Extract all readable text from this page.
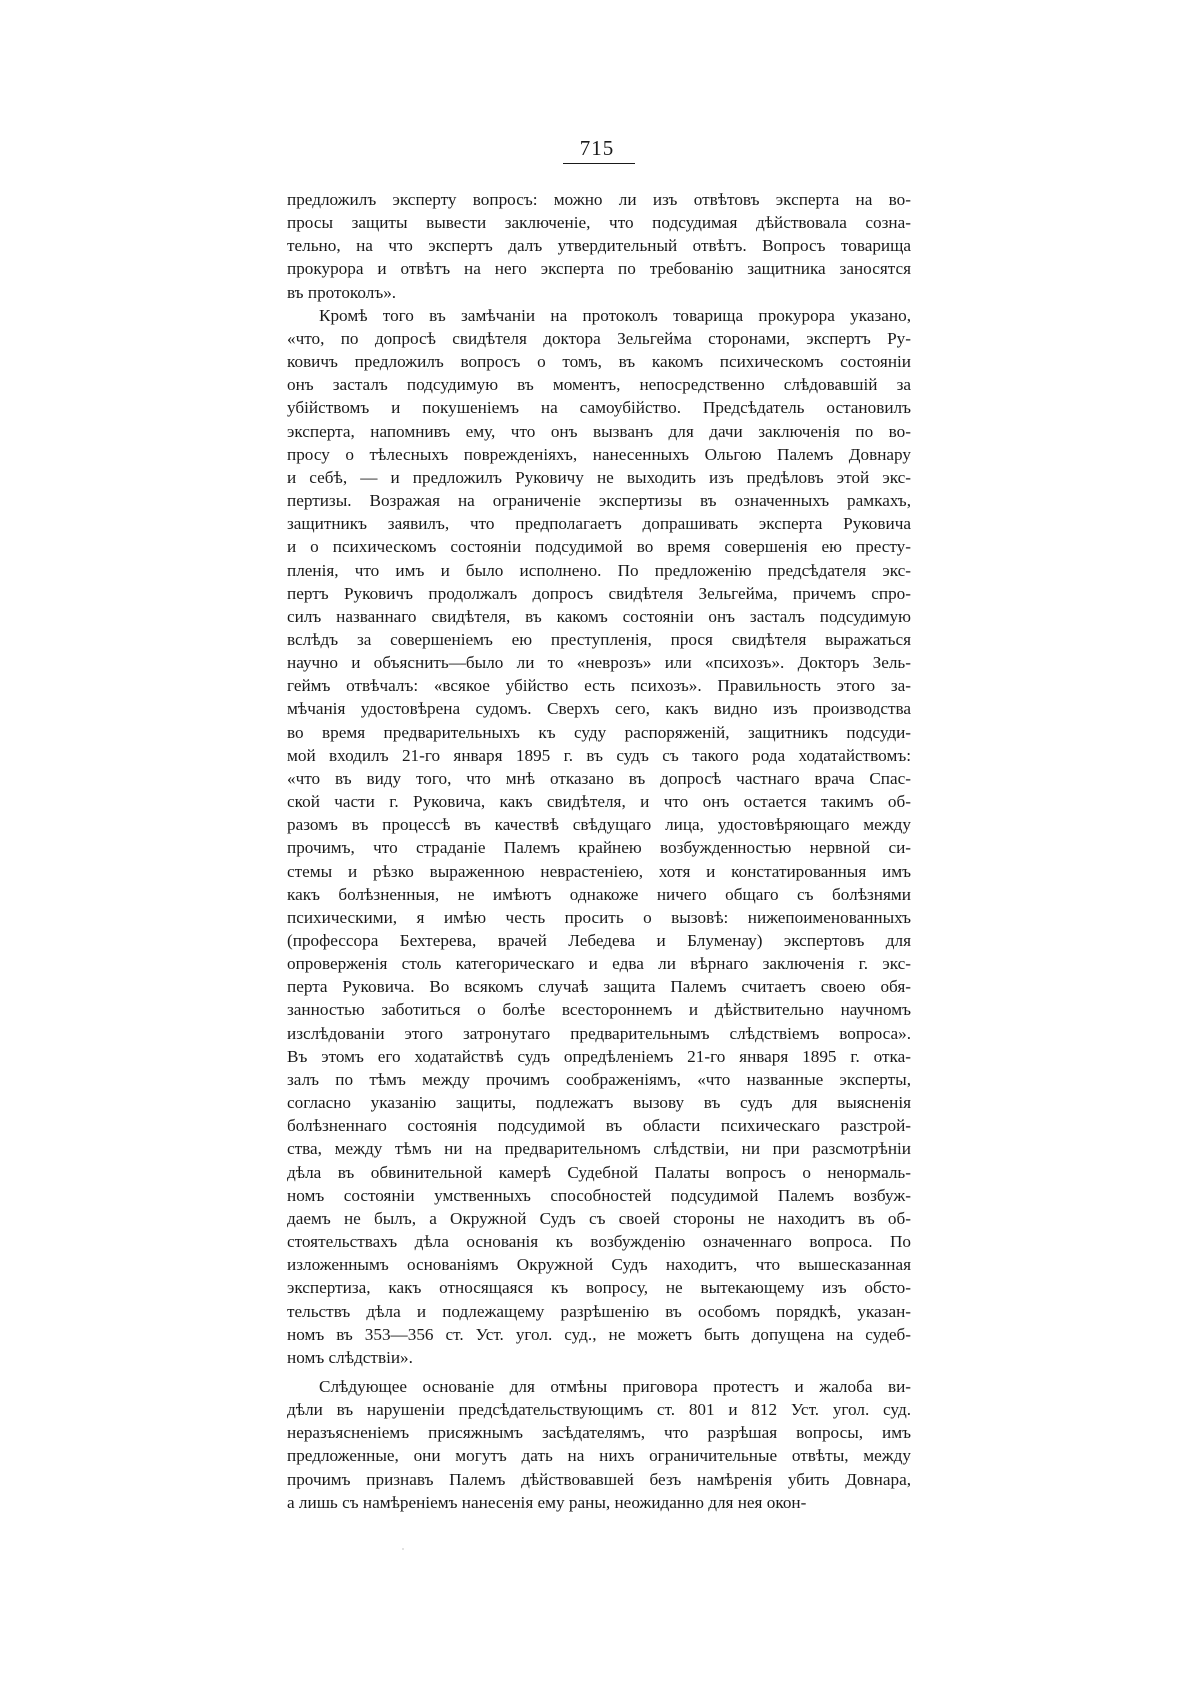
715
предложилъ эксперту вопросъ: можно ли изъ отвѣтовъ эксперта на во-
просы защиты вывести заключеніе, что подсудимая дѣйствовала созна-
тельно, на что экспертъ далъ утвердительный отвѣтъ. Вопросъ товарища
прокурора и отвѣтъ на него эксперта по требованію защитника заносятся
въ протоколъ».
Кромѣ того въ замѣчаніи на протоколъ товарища прокурора указано,
«что, по допросѣ свидѣтеля доктора Зельгейма сторонами, экспертъ Ру-
ковичъ предложилъ вопросъ о томъ, въ какомъ психическомъ состояніи
онъ засталъ подсудимую въ моментъ, непосредственно слѣдовавшій за
убійствомъ и покушеніемъ на самоубійство. Предсѣдатель остановилъ
эксперта, напомнивъ ему, что онъ вызванъ для дачи заключенія по во-
просу о тѣлесныхъ поврежденіяхъ, нанесенныхъ Ольгою Палемъ Довнару
и себѣ, — и предложилъ Руковичу не выходить изъ предѣловъ этой экс-
пертизы. Возражая на ограниченіе экспертизы въ означенныхъ рамкахъ,
защитникъ заявилъ, что предполагаетъ допрашивать эксперта Руковича
и о психическомъ состояніи подсудимой во время совершенія ею престу-
пленія, что имъ и было исполнено. По предложенію предсѣдателя экс-
пертъ Руковичъ продолжалъ допросъ свидѣтеля Зельгейма, причемъ спро-
силъ названнаго свидѣтеля, въ какомъ состояніи онъ засталъ подсудимую
вслѣдъ за совершеніемъ ею преступленія, прося свидѣтеля выражаться
научно и объяснить—было ли то «неврозъ» или «психозъ». Докторъ Зель-
геймъ отвѣчалъ: «всякое убійство есть психозъ». Правильность этого за-
мѣчанія удостовѣрена судомъ. Сверхъ сего, какъ видно изъ производства
во время предварительныхъ къ суду распоряженій, защитникъ подсуди-
мой входилъ 21-го января 1895 г. въ судъ съ такого рода ходатайствомъ:
«что въ виду того, что мнѣ отказано въ допросѣ частнаго врача Спас-
ской части г. Руковича, какъ свидѣтеля, и что онъ остается такимъ об-
разомъ въ процессѣ въ качествѣ свѣдущаго лица, удостовѣряющаго между
прочимъ, что страданіе Палемъ крайнею возбужденностью нервной си-
стемы и рѣзко выраженною неврастеніею, хотя и констатированныя имъ
какъ болѣзненныя, не имѣютъ однакоже ничего общаго съ болѣзнями
психическими, я имѣю честь просить о вызовѣ: нижепоименованныхъ
(профессора Бехтерева, врачей Лебедева и Блуменау) экспертовъ для
опроверженія столь категорическаго и едва ли вѣрнаго заключенія г. экс-
перта Руковича. Во всякомъ случаѣ защита Палемъ считаетъ своею обя-
занностью заботиться о болѣе всестороннемъ и дѣйствительно научномъ
изслѣдованіи этого затронутаго предварительнымъ слѣдствіемъ вопроса».
Въ этомъ его ходатайствѣ судъ опредѣленіемъ 21-го января 1895 г. отка-
залъ по тѣмъ между прочимъ соображеніямъ, «что названные эксперты,
согласно указанію защиты, подлежатъ вызову въ судъ для выясненія
болѣзненнаго состоянія подсудимой въ области психическаго разстрой-
ства, между тѣмъ ни на предварительномъ слѣдствіи, ни при разсмотрѣніи
дѣла въ обвинительной камерѣ Судебной Палаты вопросъ о ненормаль-
номъ состояніи умственныхъ способностей подсудимой Палемъ возбуж-
даемъ не былъ, а Окружной Судъ съ своей стороны не находитъ въ об-
стоятельствахъ дѣла основанія къ возбужденію означеннаго вопроса. По
изложеннымъ основаніямъ Окружной Судъ находитъ, что вышесказанная
экспертиза, какъ относящаяся къ вопросу, не вытекающему изъ обсто-
тельствъ дѣла и подлежащему разрѣшенію въ особомъ порядкѣ, указан-
номъ въ 353—356 ст. Уст. угол. суд., не можетъ быть допущена на судеб-
номъ слѣдствіи».
Слѣдующее основаніе для отмѣны приговора протестъ и жалоба ви-
дѣли въ нарушеніи предсѣдательствующимъ ст. 801 и 812 Уст. угол. суд.
неразъясненіемъ присяжнымъ засѣдателямъ, что разрѣшая вопросы, имъ
предложенные, они могутъ дать на нихъ ограничительные отвѣты, между
прочимъ признавъ Палемъ дѣйствовавшей безъ намѣренія убить Довнара,
а лишь съ намѣреніемъ нанесенія ему раны, неожиданно для нея окон-
